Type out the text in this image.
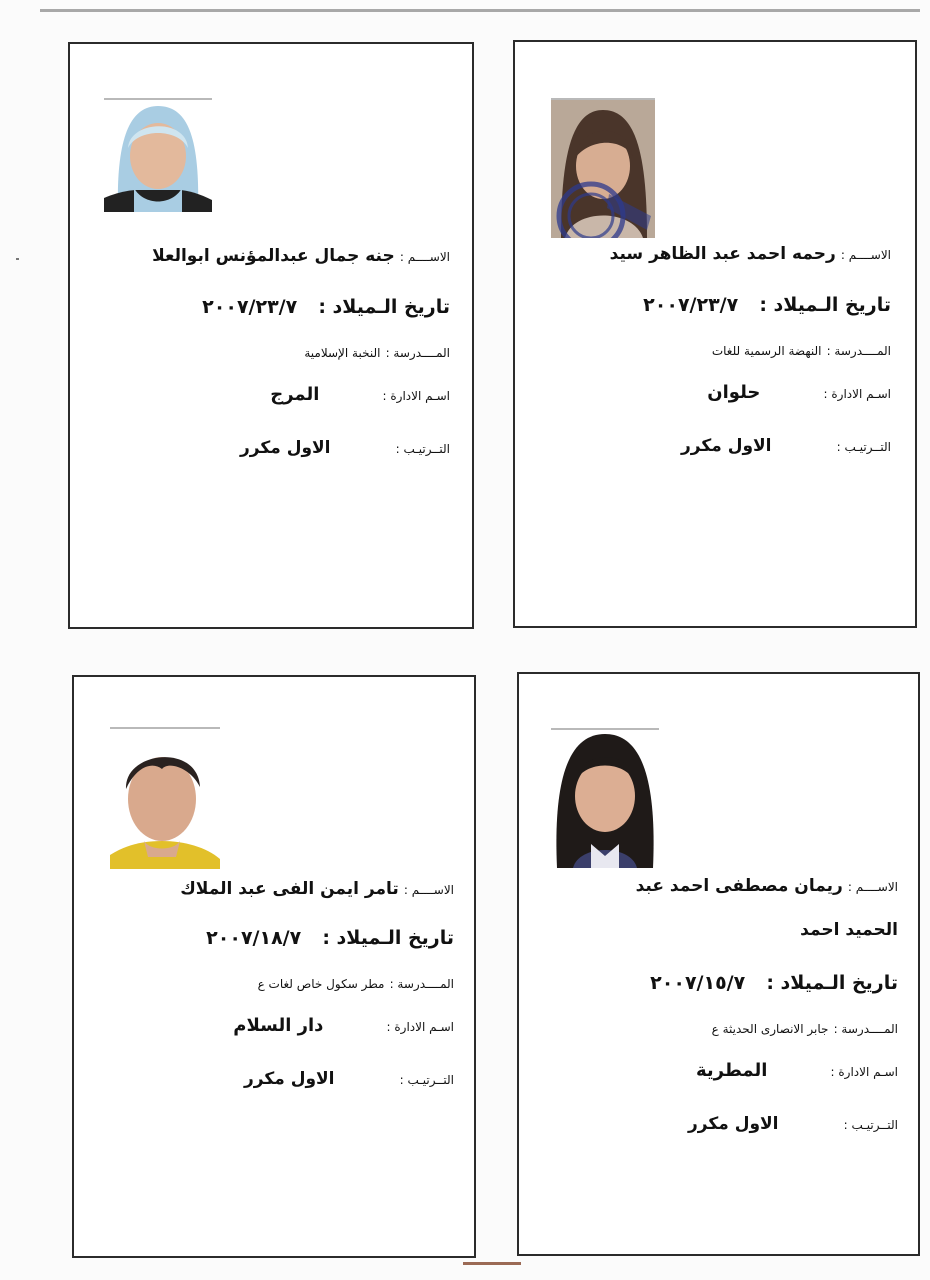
الاســــم : رحمه احمد عبد الظاهر سيد
تاريخ الـميلاد : ٢٠٠٧/٢٣/٧
المــــدرسة : النهضة الرسمية للغات
اسـم الادارة : حلوان
التــرتيـب : الاول مكرر
الاســــم : جنه جمال عبدالمؤنس ابوالعلا
تاريخ الـميلاد : ٢٠٠٧/٢٣/٧
المــــدرسة : النخبة الإسلامية
اسـم الادارة : المرج
التــرتيـب : الاول مكرر
الاســــم : ريمان مصطفى احمد عبد
الحميد احمد
تاريخ الـميلاد : ٢٠٠٧/١٥/٧
المــــدرسة : جابر الانصارى الحديثة ع
اسـم الادارة : المطرية
التــرتيـب : الاول مكرر
الاســــم : تامر ايمن الفى عبد الملاك
تاريخ الـميلاد : ٢٠٠٧/١٨/٧
المــــدرسة : مطر سكول خاص لغات ع
اسـم الادارة : دار السلام
التــرتيـب : الاول مكرر
